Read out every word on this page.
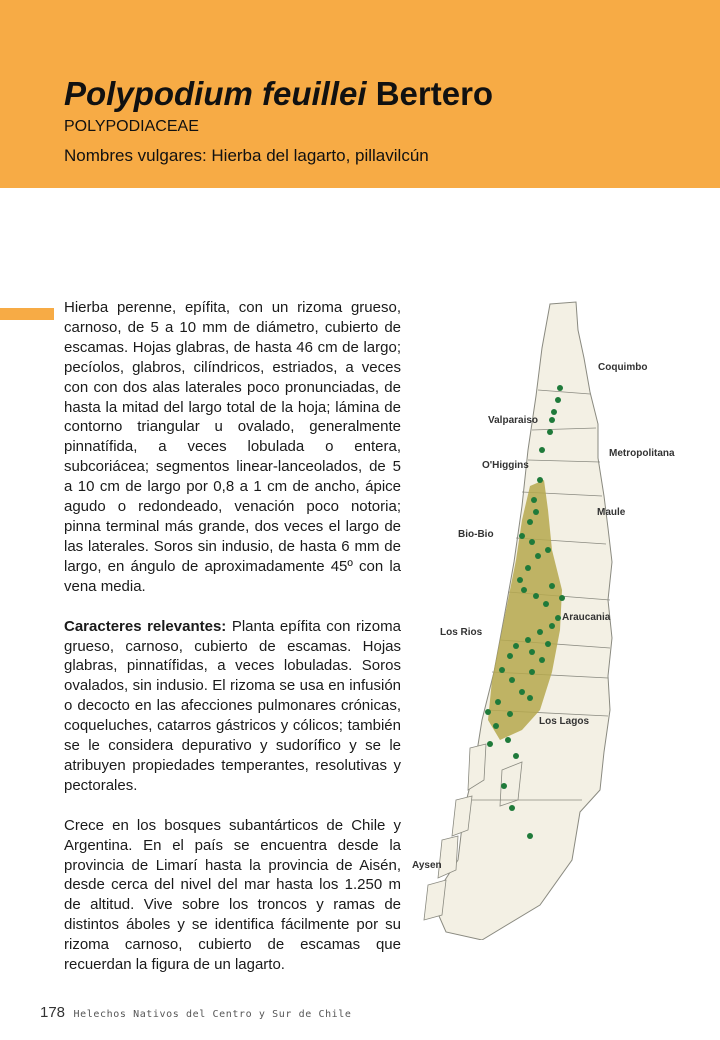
Polypodium feuillei Bertero
POLYPODIACEAE
Nombres vulgares: Hierba del lagarto, pillavilcún

Hierba perenne, epífita, con un rizoma grueso, carnoso, de 5 a 10 mm de diámetro, cubierto de escamas. Hojas glabras, de hasta 46 cm de largo; pecíolos, glabros, cilíndricos, estriados, a veces con con dos alas laterales poco pronunciadas, de hasta la mitad del largo total de la hoja; lámina de contorno triangular u ovalado, generalmente pinnatífida, a veces lobulada o entera, subcoriácea; segmentos linear-lanceolados, de 5 a 10 cm de largo por 0,8 a 1 cm de ancho, ápice agudo o redondeado, venación poco notoria; pinna terminal más grande, dos veces el largo de las laterales. Soros sin indusio, de hasta 6 mm de largo, en ángulo de aproximadamente 45º con la vena media.

Caracteres relevantes: Planta epífita con rizoma grueso, carnoso, cubierto de escamas. Hojas glabras, pinnatífidas, a veces lobuladas. Soros ovalados, sin indusio. El rizoma se usa en infusión o decocto en las afecciones pulmonares crónicas, coqueluches, catarros gástricos y cólicos; también se le considera depurativo y sudorífico y se le atribuyen propiedades temperantes, resolutivas y pectorales.

Crece en los bosques subantárticos de Chile y Argentina. En el país se encuentra desde la provincia de Limarí hasta la provincia de Aisén, desde cerca del nivel del mar hasta los 1.250 m de altitud. Vive sobre los troncos y ramas de distintos áboles y se identifica fácilmente por su rizoma carnoso, cubierto de escamas que recuerdan la figura de un lagarto.

Coquimbo
Valparaiso
Metropolitana
O'Higgins
Maule
Bio-Bio
Araucania
Los Rios
Los Lagos
Aysen
178 Helechos Nativos del Centro y Sur de Chile
